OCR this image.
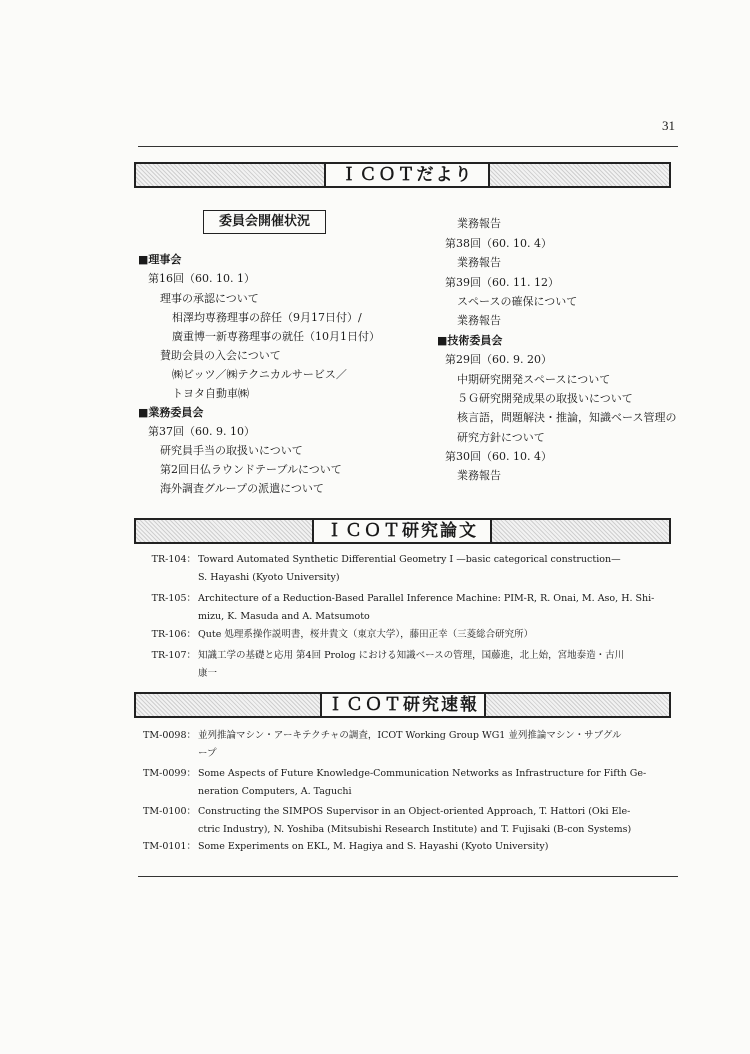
31
ＩＣＯＴだより
委員会開催状況
■理事会
第16回（60. 10. 1）
理事の承認について
相澤均専務理事の辞任（9月17日付）/
廣重博一新専務理事の就任（10月1日付）
賛助会員の入会について
㈱ビッツ／㈱テクニカルサービス／
トヨタ自動車㈱
■業務委員会
第37回（60. 9. 10）
研究員手当の取扱いについて
第2回日仏ラウンドテーブルについて
海外調査グループの派遣について
業務報告
第38回（60. 10. 4）
業務報告
第39回（60. 11. 12）
スペースの確保について
業務報告
■技術委員会
第29回（60. 9. 20）
中期研究開発スペースについて
５Ｇ研究開発成果の取扱いについて
核言語，問題解決・推論，知識ベース管理の
研究方針について
第30回（60. 10. 4）
業務報告
ＩＣＯＴ研究論文
TR-104： Toward Automated Synthetic Differential Geometry Ⅰ —basic categorical construction—
S. Hayashi (Kyoto University)
TR-105： Architecture of a Reduction-Based Parallel Inference Machine: PIM-R, R. Onai, M. Aso, H. Shi-
mizu, K. Masuda and A. Matsumoto
TR-106： Qute 処理系操作説明書，桜井貴文（東京大学），藤田正幸（三菱総合研究所）
TR-107： 知識工学の基礎と応用 第4回 Prolog における知識ベースの管理，国藤進，北上始，宮地泰造・古川
康一
ＩＣＯＴ研究速報
TM-0098： 並列推論マシン・アーキテクチャの調査，ICOT Working Group WG1 並列推論マシン・サブグル
ープ
TM-0099： Some Aspects of Future Knowledge-Communication Networks as Infrastructure for Fifth Ge-
neration Computers, A. Taguchi
TM-0100： Constructing the SIMPOS Supervisor in an Object-oriented Approach, T. Hattori (Oki Ele-
ctric Industry), N. Yoshiba (Mitsubishi Research Institute) and T. Fujisaki (B-con Systems)
TM-0101： Some Experiments on EKL, M. Hagiya and S. Hayashi (Kyoto University)
